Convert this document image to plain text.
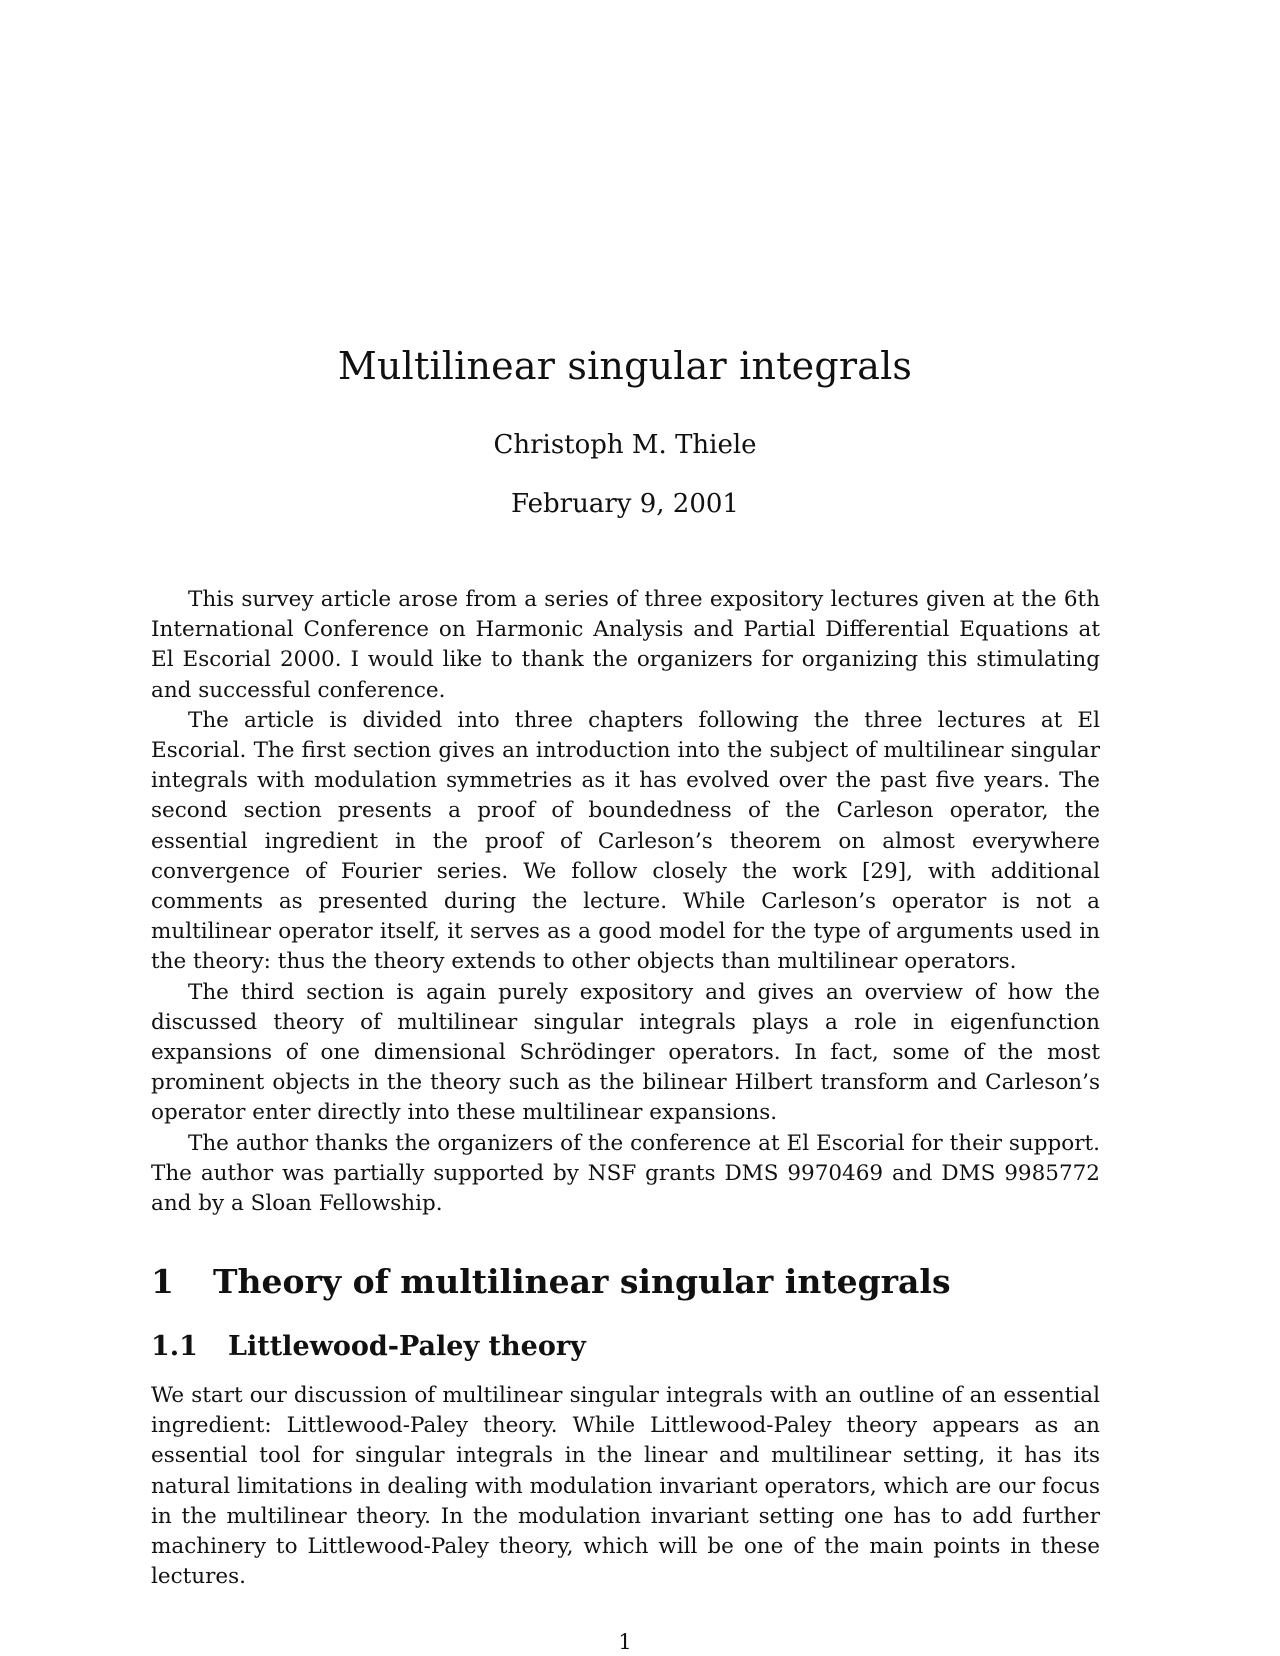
Multilinear singular integrals
Christoph M. Thiele
February 9, 2001

This survey article arose from a series of three expository lectures given at the 6th International Conference on Harmonic Analysis and Partial Differential Equations at El Escorial 2000. I would like to thank the organizers for organizing this stimulating and successful conference.

The article is divided into three chapters following the three lectures at El Escorial. The first section gives an introduction into the subject of multilinear singular integrals with modulation symmetries as it has evolved over the past five years. The second section presents a proof of boundedness of the Carleson operator, the essential ingredient in the proof of Carleson’s theorem on almost everywhere convergence of Fourier series. We follow closely the work [29], with additional comments as presented during the lecture. While Carleson’s operator is not a multilinear operator itself, it serves as a good model for the type of arguments used in the theory: thus the theory extends to other objects than multilinear operators.

The third section is again purely expository and gives an overview of how the discussed theory of multilinear singular integrals plays a role in eigenfunction expansions of one dimensional Schrödinger operators. In fact, some of the most prominent objects in the theory such as the bilinear Hilbert transform and Carleson’s operator enter directly into these multilinear expansions.

The author thanks the organizers of the conference at El Escorial for their support. The author was partially supported by NSF grants DMS 9970469 and DMS 9985772 and by a Sloan Fellowship.

1 Theory of multilinear singular integrals
1.1 Littlewood-Paley theory

We start our discussion of multilinear singular integrals with an outline of an essential ingredient: Littlewood-Paley theory. While Littlewood-Paley theory appears as an essential tool for singular integrals in the linear and multilinear setting, it has its natural limitations in dealing with modulation invariant operators, which are our focus in the multilinear theory. In the modulation invariant setting one has to add further machinery to Littlewood-Paley theory, which will be one of the main points in these lectures.

1
